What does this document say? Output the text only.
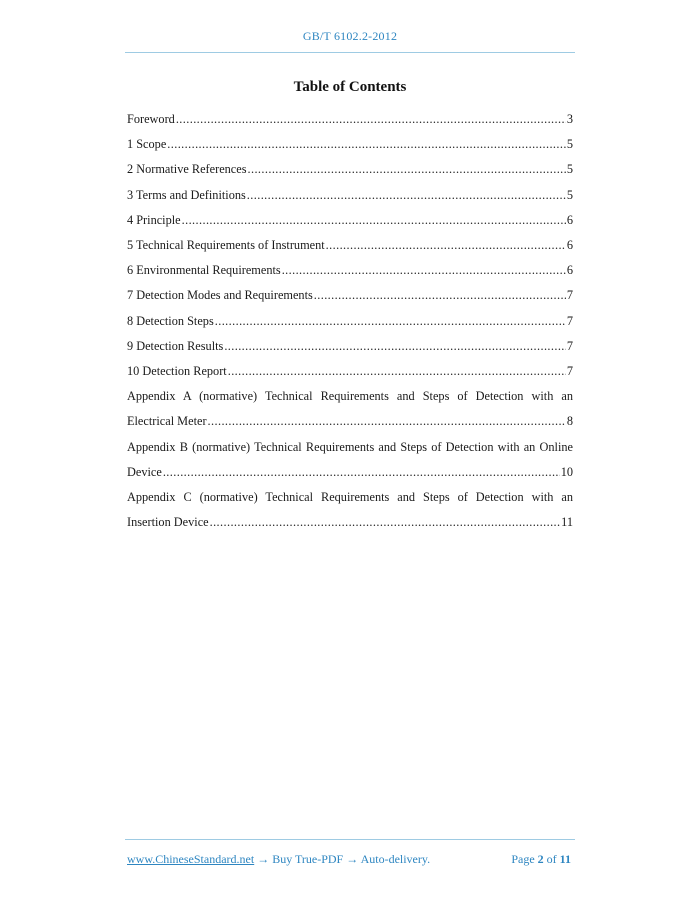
GB/T 6102.2-2012
Table of Contents
Foreword .....	3
1 Scope .....	5
2 Normative References .....	5
3 Terms and Definitions .....	5
4 Principle .....	6
5 Technical Requirements of Instrument .....	6
6 Environmental Requirements .....	6
7 Detection Modes and Requirements .....	7
8 Detection Steps .....	7
9 Detection Results .....	7
10 Detection Report .....	7
Appendix A (normative) Technical Requirements and Steps of Detection with an
Electrical Meter .....	8
Appendix B (normative) Technical Requirements and Steps of Detection with an Online
Device .....	10
Appendix C (normative) Technical Requirements and Steps of Detection with an
Insertion Device .....	11
www.ChineseStandard.net → Buy True-PDF → Auto-delivery.	Page 2 of 11
